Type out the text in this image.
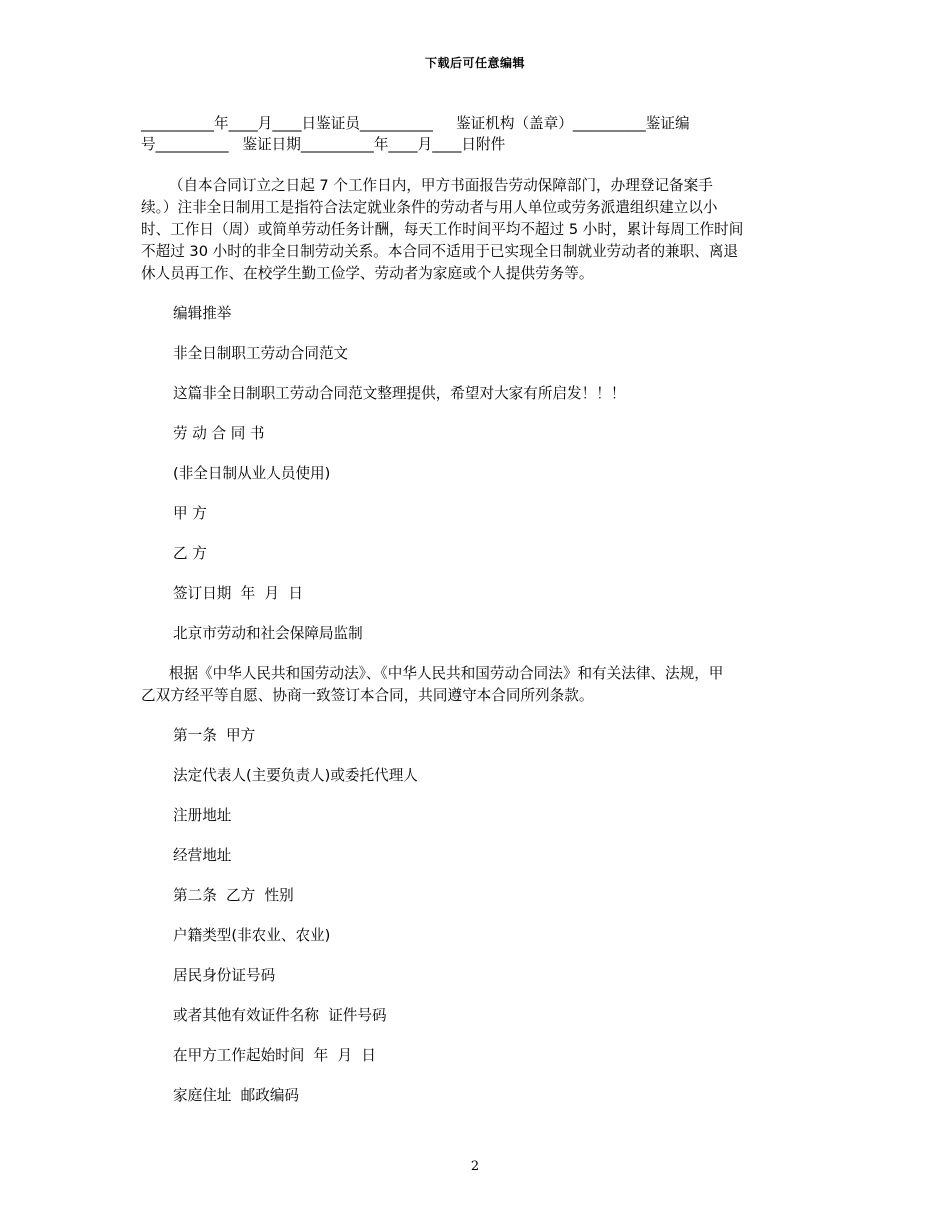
下载后可任意编辑
__________年____月____日鉴证员__________     鉴证机构（盖章）__________鉴证编
号__________   鉴证日期__________年____月____日附件
（自本合同订立之日起 7 个工作日内，甲方书面报告劳动保障部门，办理登记备案手
续。）注非全日制用工是指符合法定就业条件的劳动者与用人单位或劳务派遣组织建立以小
时、工作日（周）或简单劳动任务计酬，每天工作时间平均不超过 5 小时，累计每周工作时间
不超过 30 小时的非全日制劳动关系。本合同不适用于已实现全日制就业劳动者的兼职、离退
休人员再工作、在校学生勤工俭学、劳动者为家庭或个人提供劳务等。

编辑推举

非全日制职工劳动合同范文

这篇非全日制职工劳动合同范文整理提供，希望对大家有所启发！！！

劳 动 合 同 书

(非全日制从业人员使用)

甲 方

乙 方

签订日期  年  月  日

北京市劳动和社会保障局监制

根据《中华人民共和国劳动法》、《中华人民共和国劳动合同法》和有关法律、法规，甲
乙双方经平等自愿、协商一致签订本合同，共同遵守本合同所列条款。

第一条  甲方

法定代表人(主要负责人)或委托代理人

注册地址

经营地址

第二条  乙方  性别

户籍类型(非农业、农业)

居民身份证号码

或者其他有效证件名称  证件号码

在甲方工作起始时间  年  月  日

家庭住址  邮政编码

2
